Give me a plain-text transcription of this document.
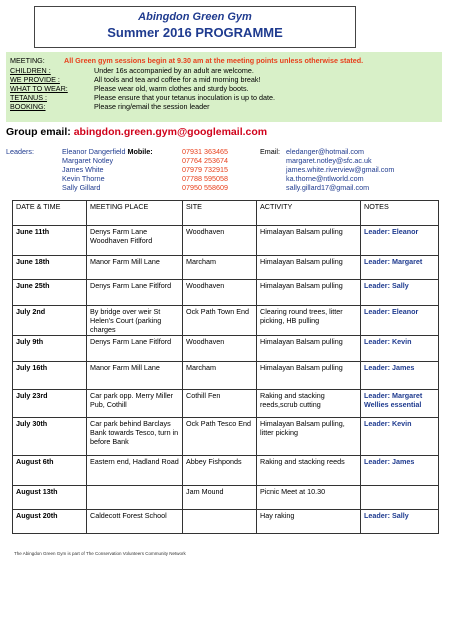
Abingdon Green Gym
Summer 2016 PROGRAMME
MEETING:	All Green gym sessions begin at 9.30 am at the meeting points unless otherwise stated.
CHILDREN :	Under 16s accompanied by an adult are welcome.
WE PROVIDE :	All tools and tea and coffee for a mid morning break!
WHAT TO WEAR:	Please wear old, warm clothes and sturdy boots.
TETANUS :	Please ensure that your tetanus inoculation is up to date.
BOOKING:	Please ring/email the session leader
Group email: abingdon.green.gym@googlemail.com
Leaders:	Eleanor Dangerfield Mobile:	07931 363465	Email: eledanger@hotmail.com
Margaret Notley	07764 253674	margaret.notley@sfc.ac.uk
James White	07979 732915	james.white.riverview@gmail.com
Kevin Thorne	07788 595058	ka.thorne@ntlworld.com
Sally Gillard	07950 558609	sally.gillard17@gmail.com
DATE & TIME	MEETING PLACE	SITE	ACTIVITY	NOTES
June 11th	Denys Farm Lane Woodhaven Fitlford	Woodhaven	Himalayan Balsam pulling	Leader: Eleanor
June 18th	Manor Farm Mill Lane	Marcham	Himalayan Balsam pulling	Leader: Margaret
June 25th	Denys Farm Lane Fitlford	Woodhaven	Himalayan Balsam pulling	Leader: Sally
July 2nd	By bridge over weir St Helen's Court (parking charges	Ock Path Town End	Clearing round trees, litter picking, HB pulling	Leader: Eleanor
July 9th	Denys Farm Lane Fitlford	Woodhaven	Himalayan Balsam pulling	Leader: Kevin
July 16th	Manor Farm Mill Lane	Marcham	Himalayan Balsam pulling	Leader: James
July 23rd	Car park opp. Merry Miller Pub, Cothill	Cothill Fen	Raking and stacking reeds,scrub cutting	Leader: Margaret Wellies essential
July 30th	Car park behind Barclays Bank towards Tesco, turn in before Bank	Ock Path Tesco End	Himalayan Balsam pulling, litter picking	Leader: Kevin
August 6th	Eastern end, Hadland Road	Abbey Fishponds	Raking and stacking reeds	Leader: James
August 13th		Jam Mound	Picnic Meet at 10.30	
August 20th	Caldecott Forest School		Hay raking	Leader: Sally
The Abingdon Green Gym is part of The Conservation Volunteers Community Network
